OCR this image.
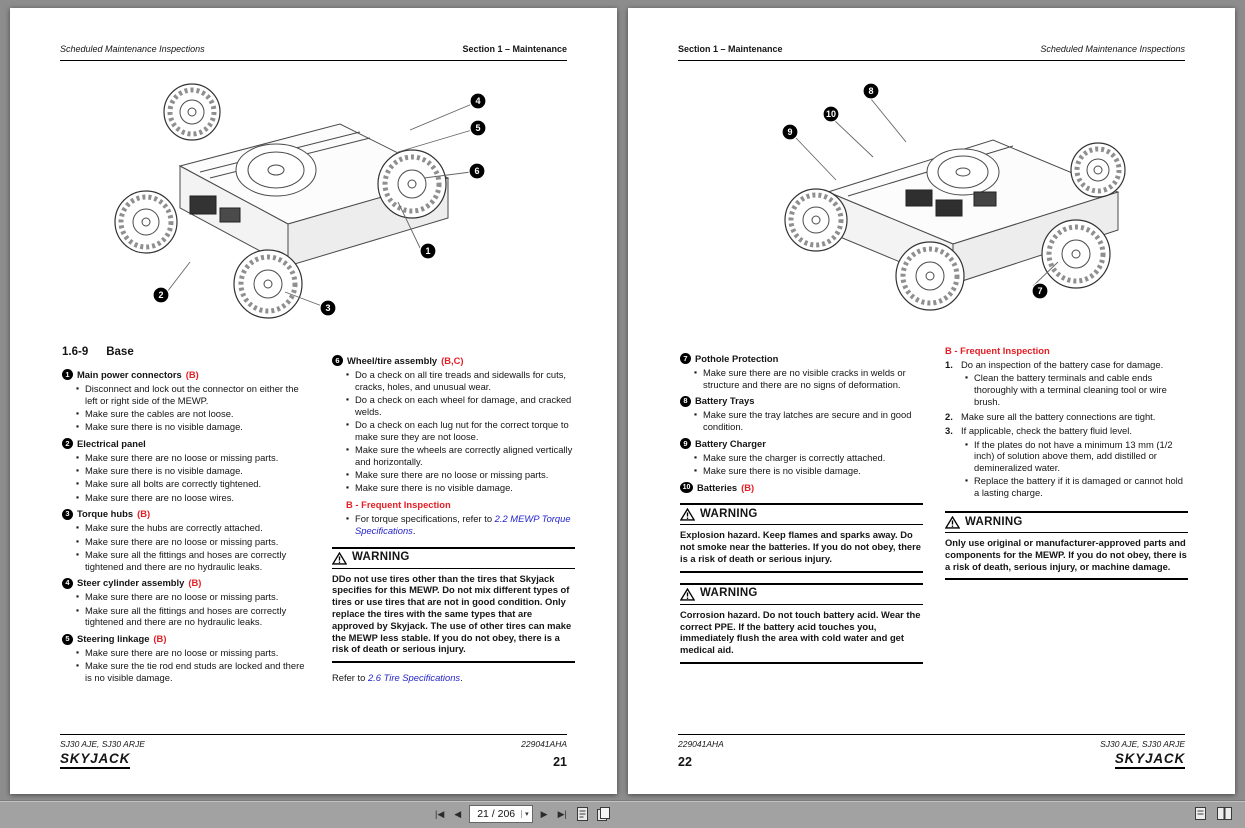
Scheduled Maintenance Inspections	Section 1 – Maintenance
4
5
6
1
2
3
1.6-9 Base
1 Main power connectors (B)
▪ Disconnect and lock out the connector on either the left or right side of the MEWP.
▪ Make sure the cables are not loose.
▪ Make sure there is no visible damage.
2 Electrical panel
▪ Make sure there are no loose or missing parts.
▪ Make sure there is no visible damage.
▪ Make sure all bolts are correctly tightened.
▪ Make sure there are no loose wires.
3 Torque hubs (B)
▪ Make sure the hubs are correctly attached.
▪ Make sure there are no loose or missing parts.
▪ Make sure all the fittings and hoses are correctly tightened and there are no hydraulic leaks.
4 Steer cylinder assembly (B)
▪ Make sure there are no loose or missing parts.
▪ Make sure all the fittings and hoses are correctly tightened and there are no hydraulic leaks.
5 Steering linkage (B)
▪ Make sure there are no loose or missing parts.
▪ Make sure the tie rod end studs are locked and there is no visible damage.
6 Wheel/tire assembly (B,C)
▪ Do a check on all tire treads and sidewalls for cuts, cracks, holes, and unusual wear.
▪ Do a check on each wheel for damage, and cracked welds.
▪ Do a check on each lug nut for the correct torque to make sure they are not loose.
▪ Make sure the wheels are correctly aligned vertically and horizontally.
▪ Make sure there are no loose or missing parts.
▪ Make sure there is no visible damage.
B - Frequent Inspection
▪ For torque specifications, refer to 2.2 MEWP Torque Specifications.
WARNING
DDo not use tires other than the tires that Skyjack specifies for this MEWP. Do not mix different types of tires or use tires that are not in good condition. Only replace the tires with the same types that are approved by Skyjack. The use of other tires can make the MEWP less stable. If you do not obey, there is a risk of death or serious injury.
Refer to 2.6 Tire Specifications.
SJ30 AJE, SJ30 ARJE	229041AHA
SKYJACK	21
Section 1 – Maintenance	Scheduled Maintenance Inspections
8
10
9
7
7 Pothole Protection
▪ Make sure there are no visible cracks in welds or structure and there are no signs of deformation.
8 Battery Trays
▪ Make sure the tray latches are secure and in good condition.
9 Battery Charger
▪ Make sure the charger is correctly attached.
▪ Make sure there is no visible damage.
10 Batteries (B)
WARNING
Explosion hazard. Keep flames and sparks away. Do not smoke near the batteries. If you do not obey, there is a risk of death or serious injury.
WARNING
Corrosion hazard. Do not touch battery acid. Wear the correct PPE. If the battery acid touches you, immediately flush the area with cold water and get medical aid.
B - Frequent Inspection
1. Do an inspection of the battery case for damage.
▪ Clean the battery terminals and cable ends thoroughly with a terminal cleaning tool or wire brush.
2. Make sure all the battery connections are tight.
3. If applicable, check the battery fluid level.
▪ If the plates do not have a minimum 13 mm (1/2 inch) of solution above them, add distilled or demineralized water.
▪ Replace the battery if it is damaged or cannot hold a lasting charge.
WARNING
Only use original or manufacturer-approved parts and components for the MEWP. If you do not obey, there is a risk of death, serious injury, or machine damage.
229041AHA	SJ30 AJE, SJ30 ARJE
22	SKYJACK
|◀ ◀ 21 / 206	▾ ▶ ▶|
